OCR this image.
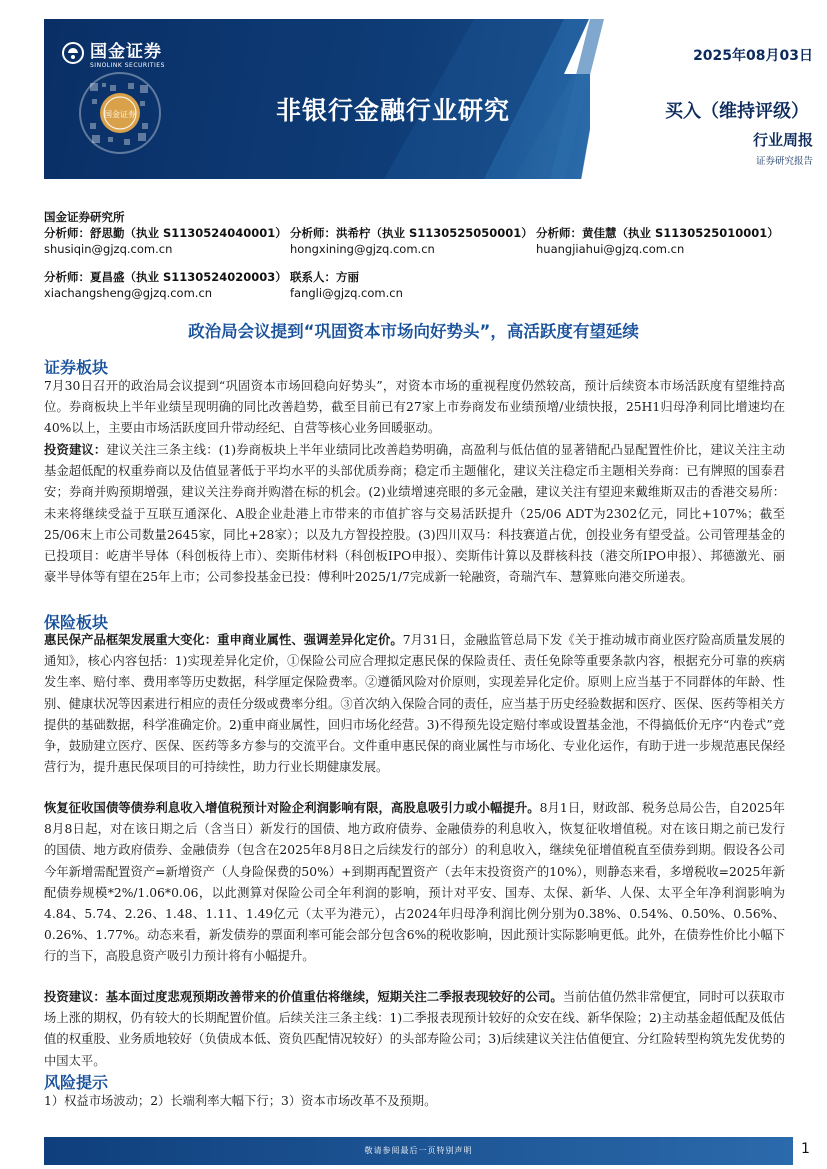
国金证券
SINOLINK SECURITIES
国金证券	非银行金融行业研究
2025年08月03日
买入（维持评级）
行业周报
证券研究报告
国金证券研究所
分析师：舒思勤（执业 S1130524040001） 分析师：洪希柠（执业 S1130525050001） 分析师：黄佳慧（执业 S1130525010001）
shusiqin@gjzq.com.cn	hongxining@gjzq.com.cn	huangjiahui@gjzq.com.cn
分析师：夏昌盛（执业 S1130524020003） 联系人：方丽
xiachangsheng@gjzq.com.cn	fangli@gjzq.com.cn
政治局会议提到“巩固资本市场向好势头”，高活跃度有望延续
证券板块
7月30日召开的政治局会议提到“巩固资本市场回稳向好势头”，对资本市场的重视程度仍然较高，预计后续资本市场活跃度有望维持高位。券商板块上半年业绩呈现明确的同比改善趋势，截至目前已有27家上市券商发布业绩预增/业绩快报，25H1归母净利同比增速均在40%以上，主要由市场活跃度回升带动经纪、自营等核心业务回暖驱动。
投资建议：建议关注三条主线：(1)券商板块上半年业绩同比改善趋势明确，高盈利与低估值的显著错配凸显配置性价比，建议关注主动基金超低配的权重券商以及估值显著低于平均水平的头部优质券商；稳定币主题催化，建议关注稳定币主题相关券商：已有牌照的国泰君安；券商并购预期增强，建议关注券商并购潜在标的机会。(2)业绩增速亮眼的多元金融，建议关注有望迎来戴维斯双击的香港交易所：未来将继续受益于互联互通深化、A股企业赴港上市带来的市值扩容与交易活跃提升（25/06 ADT为2302亿元，同比+107%；截至25/06末上市公司数量2645家，同比+28家）；以及九方智投控股。(3)四川双马：科技赛道占优，创投业务有望受益。公司管理基金的已投项目：屹唐半导体（科创板待上市）、奕斯伟材料（科创板IPO申报）、奕斯伟计算以及群核科技（港交所IPO申报）、邦德激光、丽豪半导体等有望在25年上市；公司参投基金已投：傅利叶2025/1/7完成新一轮融资，奇瑞汽车、慧算账向港交所递表。
保险板块
惠民保产品框架发展重大变化：重申商业属性、强调差异化定价。7月31日，金融监管总局下发《关于推动城市商业医疗险高质量发展的通知》，核心内容包括：1)实现差异化定价，①保险公司应合理拟定惠民保的保险责任、责任免除等重要条款内容，根据充分可靠的疾病发生率、赔付率、费用率等历史数据，科学厘定保险费率。②遵循风险对价原则，实现差异化定价。原则上应当基于不同群体的年龄、性别、健康状况等因素进行相应的责任分级或费率分组。③首次纳入保险合同的责任，应当基于历史经验数据和医疗、医保、医药等相关方提供的基础数据，科学准确定价。2)重申商业属性，回归市场化经营。3)不得预先设定赔付率或设置基金池，不得搞低价无序“内卷式”竞争，鼓励建立医疗、医保、医药等多方参与的交流平台。文件重申惠民保的商业属性与市场化、专业化运作，有助于进一步规范惠民保经营行为，提升惠民保项目的可持续性，助力行业长期健康发展。
恢复征收国债等债券利息收入增值税预计对险企利润影响有限，高股息吸引力或小幅提升。8月1日，财政部、税务总局公告，自2025年8月8日起，对在该日期之后（含当日）新发行的国债、地方政府债券、金融债券的利息收入，恢复征收增值税。对在该日期之前已发行的国债、地方政府债券、金融债券（包含在2025年8月8日之后续发行的部分）的利息收入，继续免征增值税直至债券到期。假设各公司今年新增需配置资产=新增资产（人身险保费的50%）+到期再配置资产（去年末投资资产的10%），则静态来看，多增税收=2025年新配债券规模*2%/1.06*0.06，以此测算对保险公司全年利润的影响，预计对平安、国寿、太保、新华、人保、太平全年净利润影响为4.84、5.74、2.26、1.48、1.11、1.49亿元（太平为港元），占2024年归母净利润比例分别为0.38%、0.54%、0.50%、0.56%、0.26%、1.77%。动态来看，新发债券的票面利率可能会部分包含6%的税收影响，因此预计实际影响更低。此外，在债券性价比小幅下行的当下，高股息资产吸引力预计将有小幅提升。
投资建议：基本面过度悲观预期改善带来的价值重估将继续，短期关注二季报表现较好的公司。当前估值仍然非常便宜，同时可以获取市场上涨的期权，仍有较大的长期配置价值。后续关注三条主线：1)二季报表现预计较好的众安在线、新华保险；2)主动基金超低配及低估值的权重股、业务质地较好（负债成本低、资负匹配情况较好）的头部寿险公司；3)后续建议关注估值便宜、分红险转型构筑先发优势的中国太平。
风险提示
1）权益市场波动；2）长端利率大幅下行；3）资本市场改革不及预期。
敬请参阅最后一页特别声明	1
